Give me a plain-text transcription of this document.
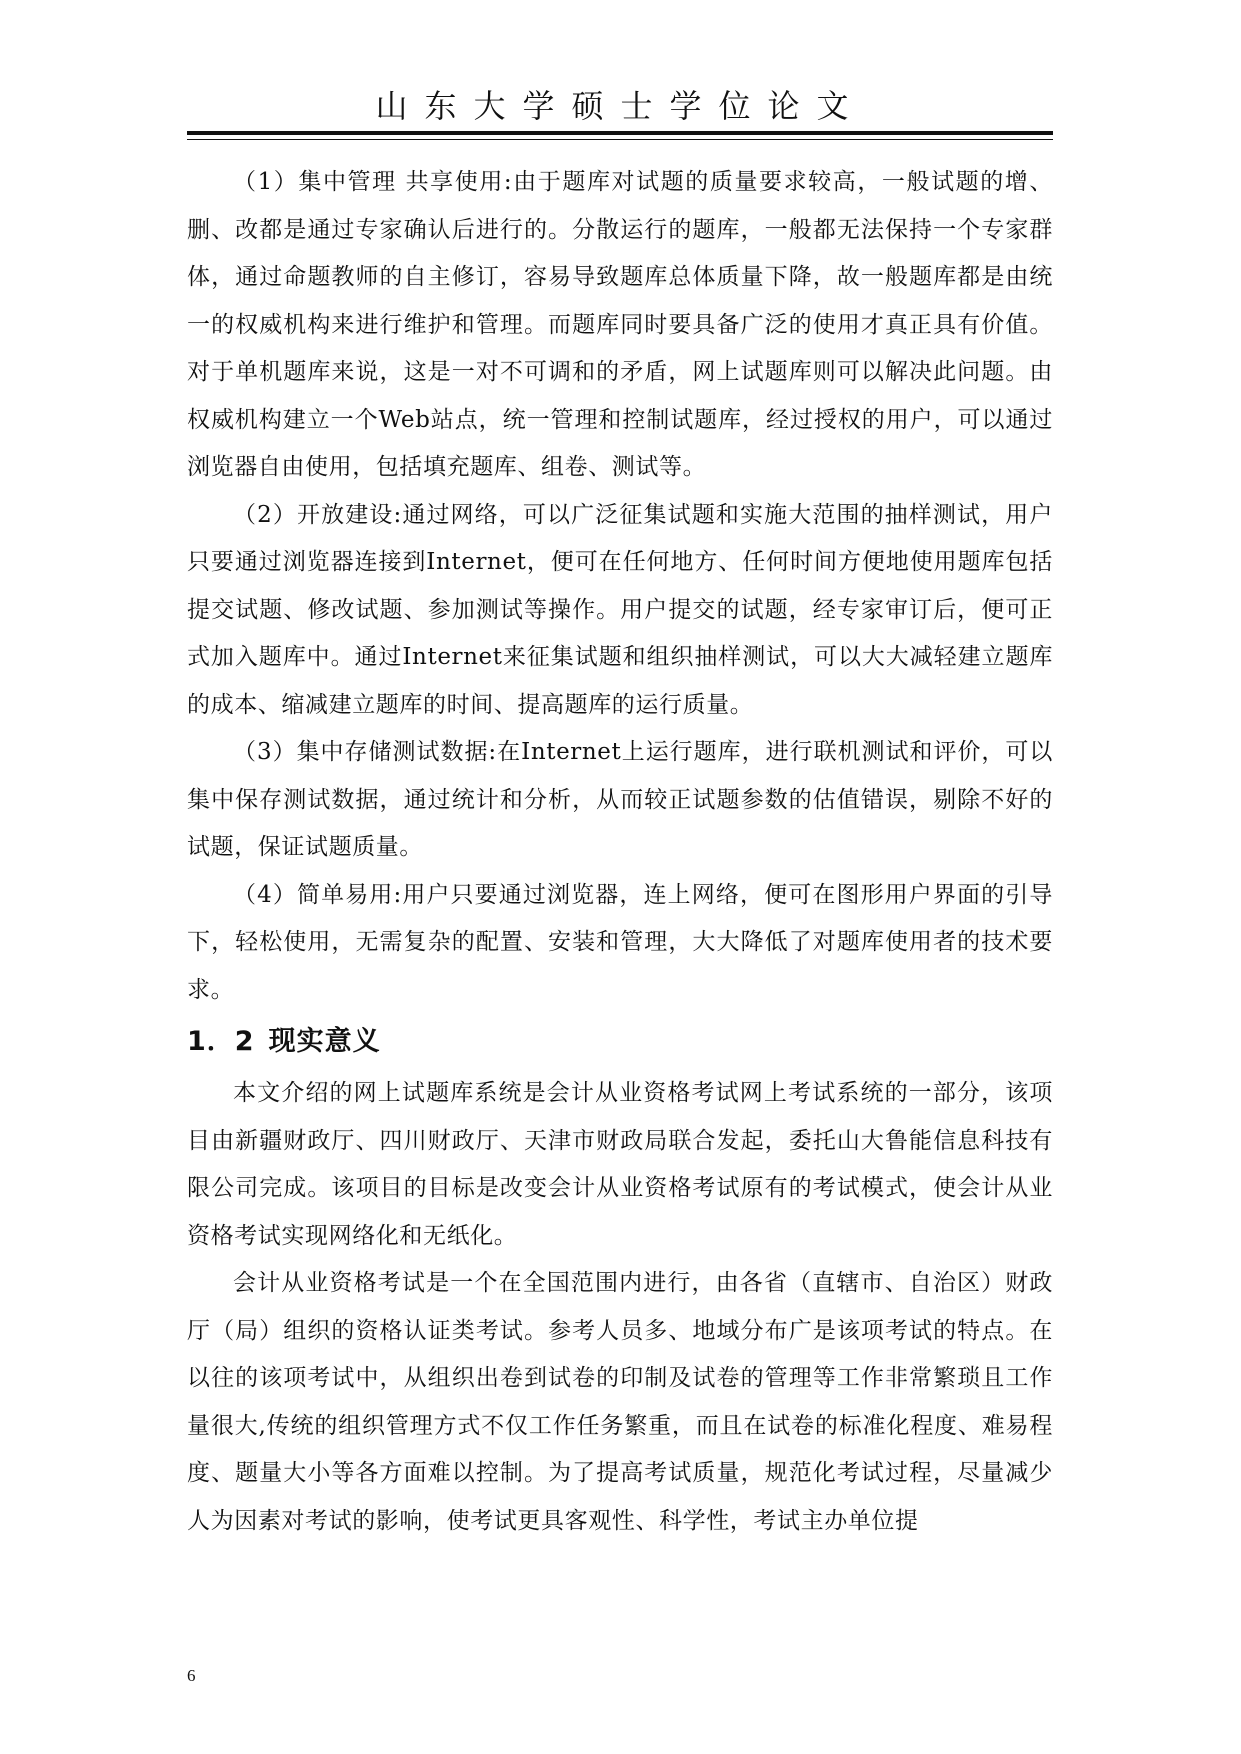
山东大学硕士学位论文

（1）集中管理 共享使用:由于题库对试题的质量要求较高，一般试题的增、删、改都是通过专家确认后进行的。分散运行的题库，一般都无法保持一个专家群体，通过命题教师的自主修订，容易导致题库总体质量下降，故一般题库都是由统一的权威机构来进行维护和管理。而题库同时要具备广泛的使用才真正具有价值。对于单机题库来说，这是一对不可调和的矛盾，网上试题库则可以解决此问题。由权威机构建立一个Web站点，统一管理和控制试题库，经过授权的用户，可以通过浏览器自由使用，包括填充题库、组卷、测试等。

（2）开放建设:通过网络，可以广泛征集试题和实施大范围的抽样测试，用户只要通过浏览器连接到Internet，便可在任何地方、任何时间方便地使用题库包括提交试题、修改试题、参加测试等操作。用户提交的试题，经专家审订后，便可正式加入题库中。通过Internet来征集试题和组织抽样测试，可以大大减轻建立题库的成本、缩减建立题库的时间、提高题库的运行质量。

（3）集中存储测试数据:在Internet上运行题库，进行联机测试和评价，可以集中保存测试数据，通过统计和分析，从而较正试题参数的估值错误，剔除不好的试题，保证试题质量。

（4）简单易用:用户只要通过浏览器，连上网络，便可在图形用户界面的引导下，轻松使用，无需复杂的配置、安装和管理，大大降低了对题库使用者的技术要求。

1．2 现实意义

本文介绍的网上试题库系统是会计从业资格考试网上考试系统的一部分，该项目由新疆财政厅、四川财政厅、天津市财政局联合发起，委托山大鲁能信息科技有限公司完成。该项目的目标是改变会计从业资格考试原有的考试模式，使会计从业资格考试实现网络化和无纸化。

会计从业资格考试是一个在全国范围内进行，由各省（直辖市、自治区）财政厅（局）组织的资格认证类考试。参考人员多、地域分布广是该项考试的特点。在以往的该项考试中，从组织出卷到试卷的印制及试卷的管理等工作非常繁琐且工作量很大,传统的组织管理方式不仅工作任务繁重，而且在试卷的标准化程度、难易程度、题量大小等各方面难以控制。为了提高考试质量，规范化考试过程，尽量减少人为因素对考试的影响，使考试更具客观性、科学性，考试主办单位提

6
